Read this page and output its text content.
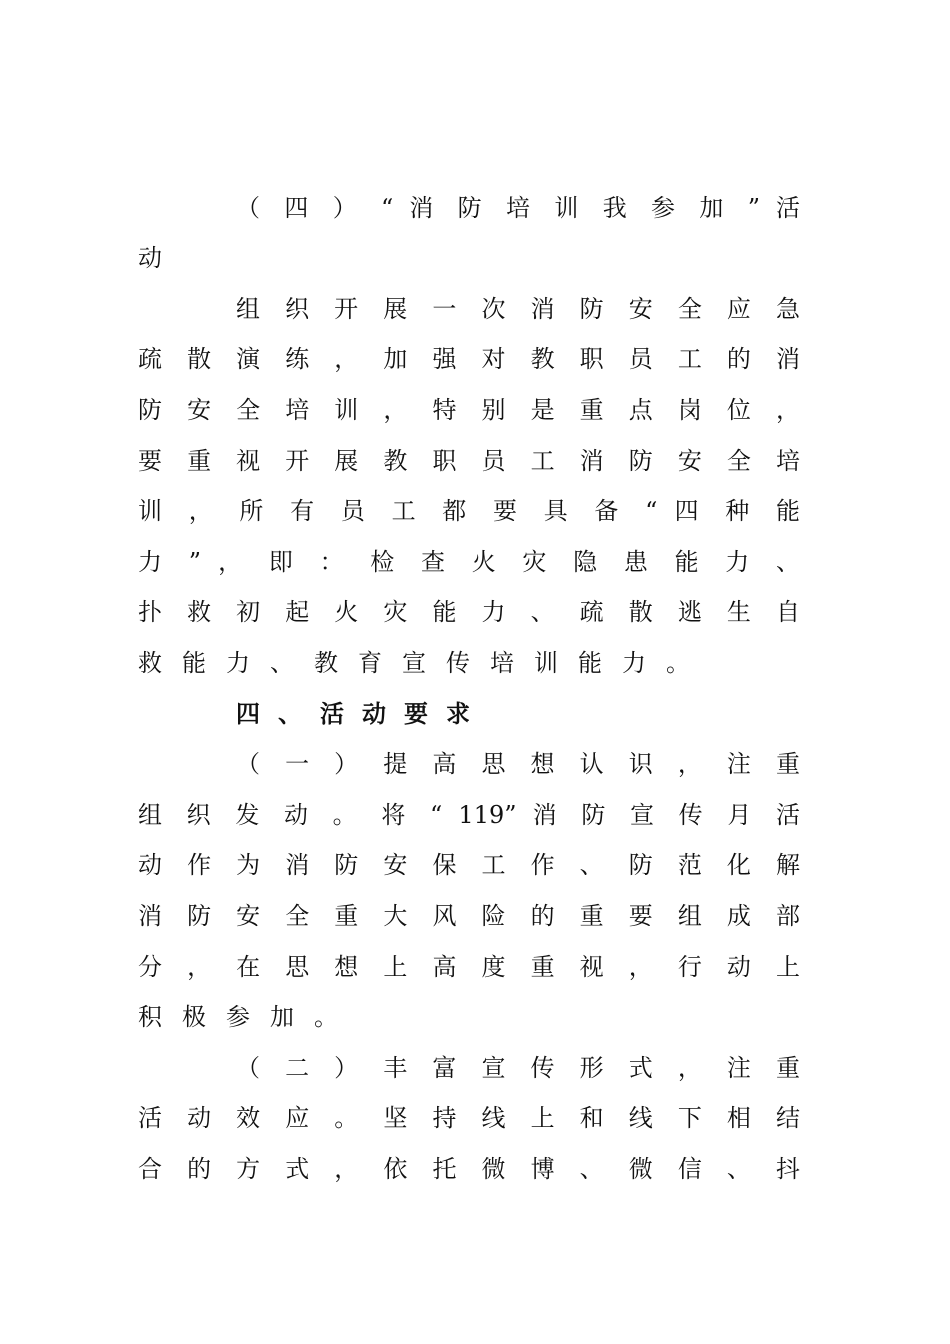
（ 四 ） “ 消 防 培 训 我 参 加 ” 活
动
组 织 开 展 一 次 消 防 安 全 应 急
疏 散 演 练 ， 加 强 对 教 职 员 工 的 消
防 安 全 培 训 ， 特 别 是 重 点 岗 位 ，
要 重 视 开 展 教 职 员 工 消 防 安 全 培
训 ， 所 有 员 工 都 要 具 备 “ 四 种 能
力 ” ， 即 ： 检 查 火 灾 隐 患 能 力 、
扑 救 初 起 火 灾 能 力 、 疏 散 逃 生 自
救能力、教育宣传培训能力。
四、活动要求
（ 一 ） 提 高 思 想 认 识 ， 注 重
组 织 发 动 。 将 “ 119” 消 防 宣 传 月 活
动 作 为 消 防 安 保 工 作 、 防 范 化 解
消 防 安 全 重 大 风 险 的 重 要 组 成 部
分 ， 在 思 想 上 高 度 重 视 ， 行 动 上
积极参加。
（ 二 ） 丰 富 宣 传 形 式 ， 注 重
活 动 效 应 。 坚 持 线 上 和 线 下 相 结
合 的 方 式 ， 依 托 微 博 、 微 信 、 抖
